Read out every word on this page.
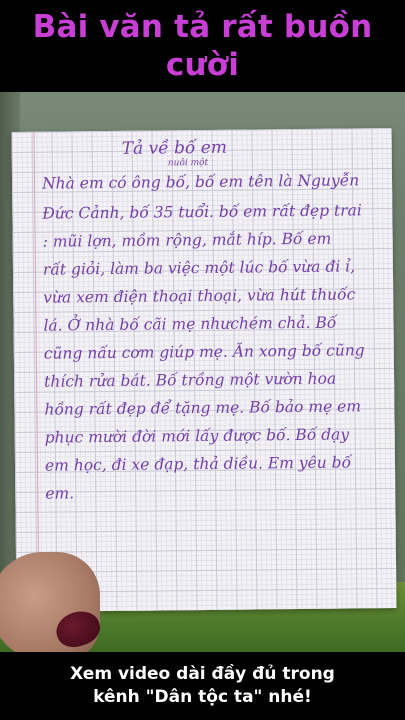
Bài văn tả rất buồn
cười
Tả về bố em
nuôi một
Nhà em có ông bố, bố em tên là Nguyễn
Đức Cảnh, bố 35 tuổi. bố em rất đẹp trai
: mũi lợn, mồm rộng, mắt híp. Bố em
rất giỏi, làm ba việc một lúc bố vừa đi ỉ,
vừa xem điện thoại thoại, vừa hút thuốc
lá. Ở nhà bố cãi mẹ nhưchém chả. Bố
cũng nấu cơm giúp mẹ. Ăn xong bố cũng
thích rửa bát. Bố trồng một vườn hoa
hồng rất đẹp để tặng mẹ. Bố bảo mẹ em
phục mười đời mới lấy được bố. Bố dạy
em học, đi xe đạp, thả diều. Em yêu bố
em.
Xem video dài đầy đủ trong
kênh "Dân tộc ta" nhé!
